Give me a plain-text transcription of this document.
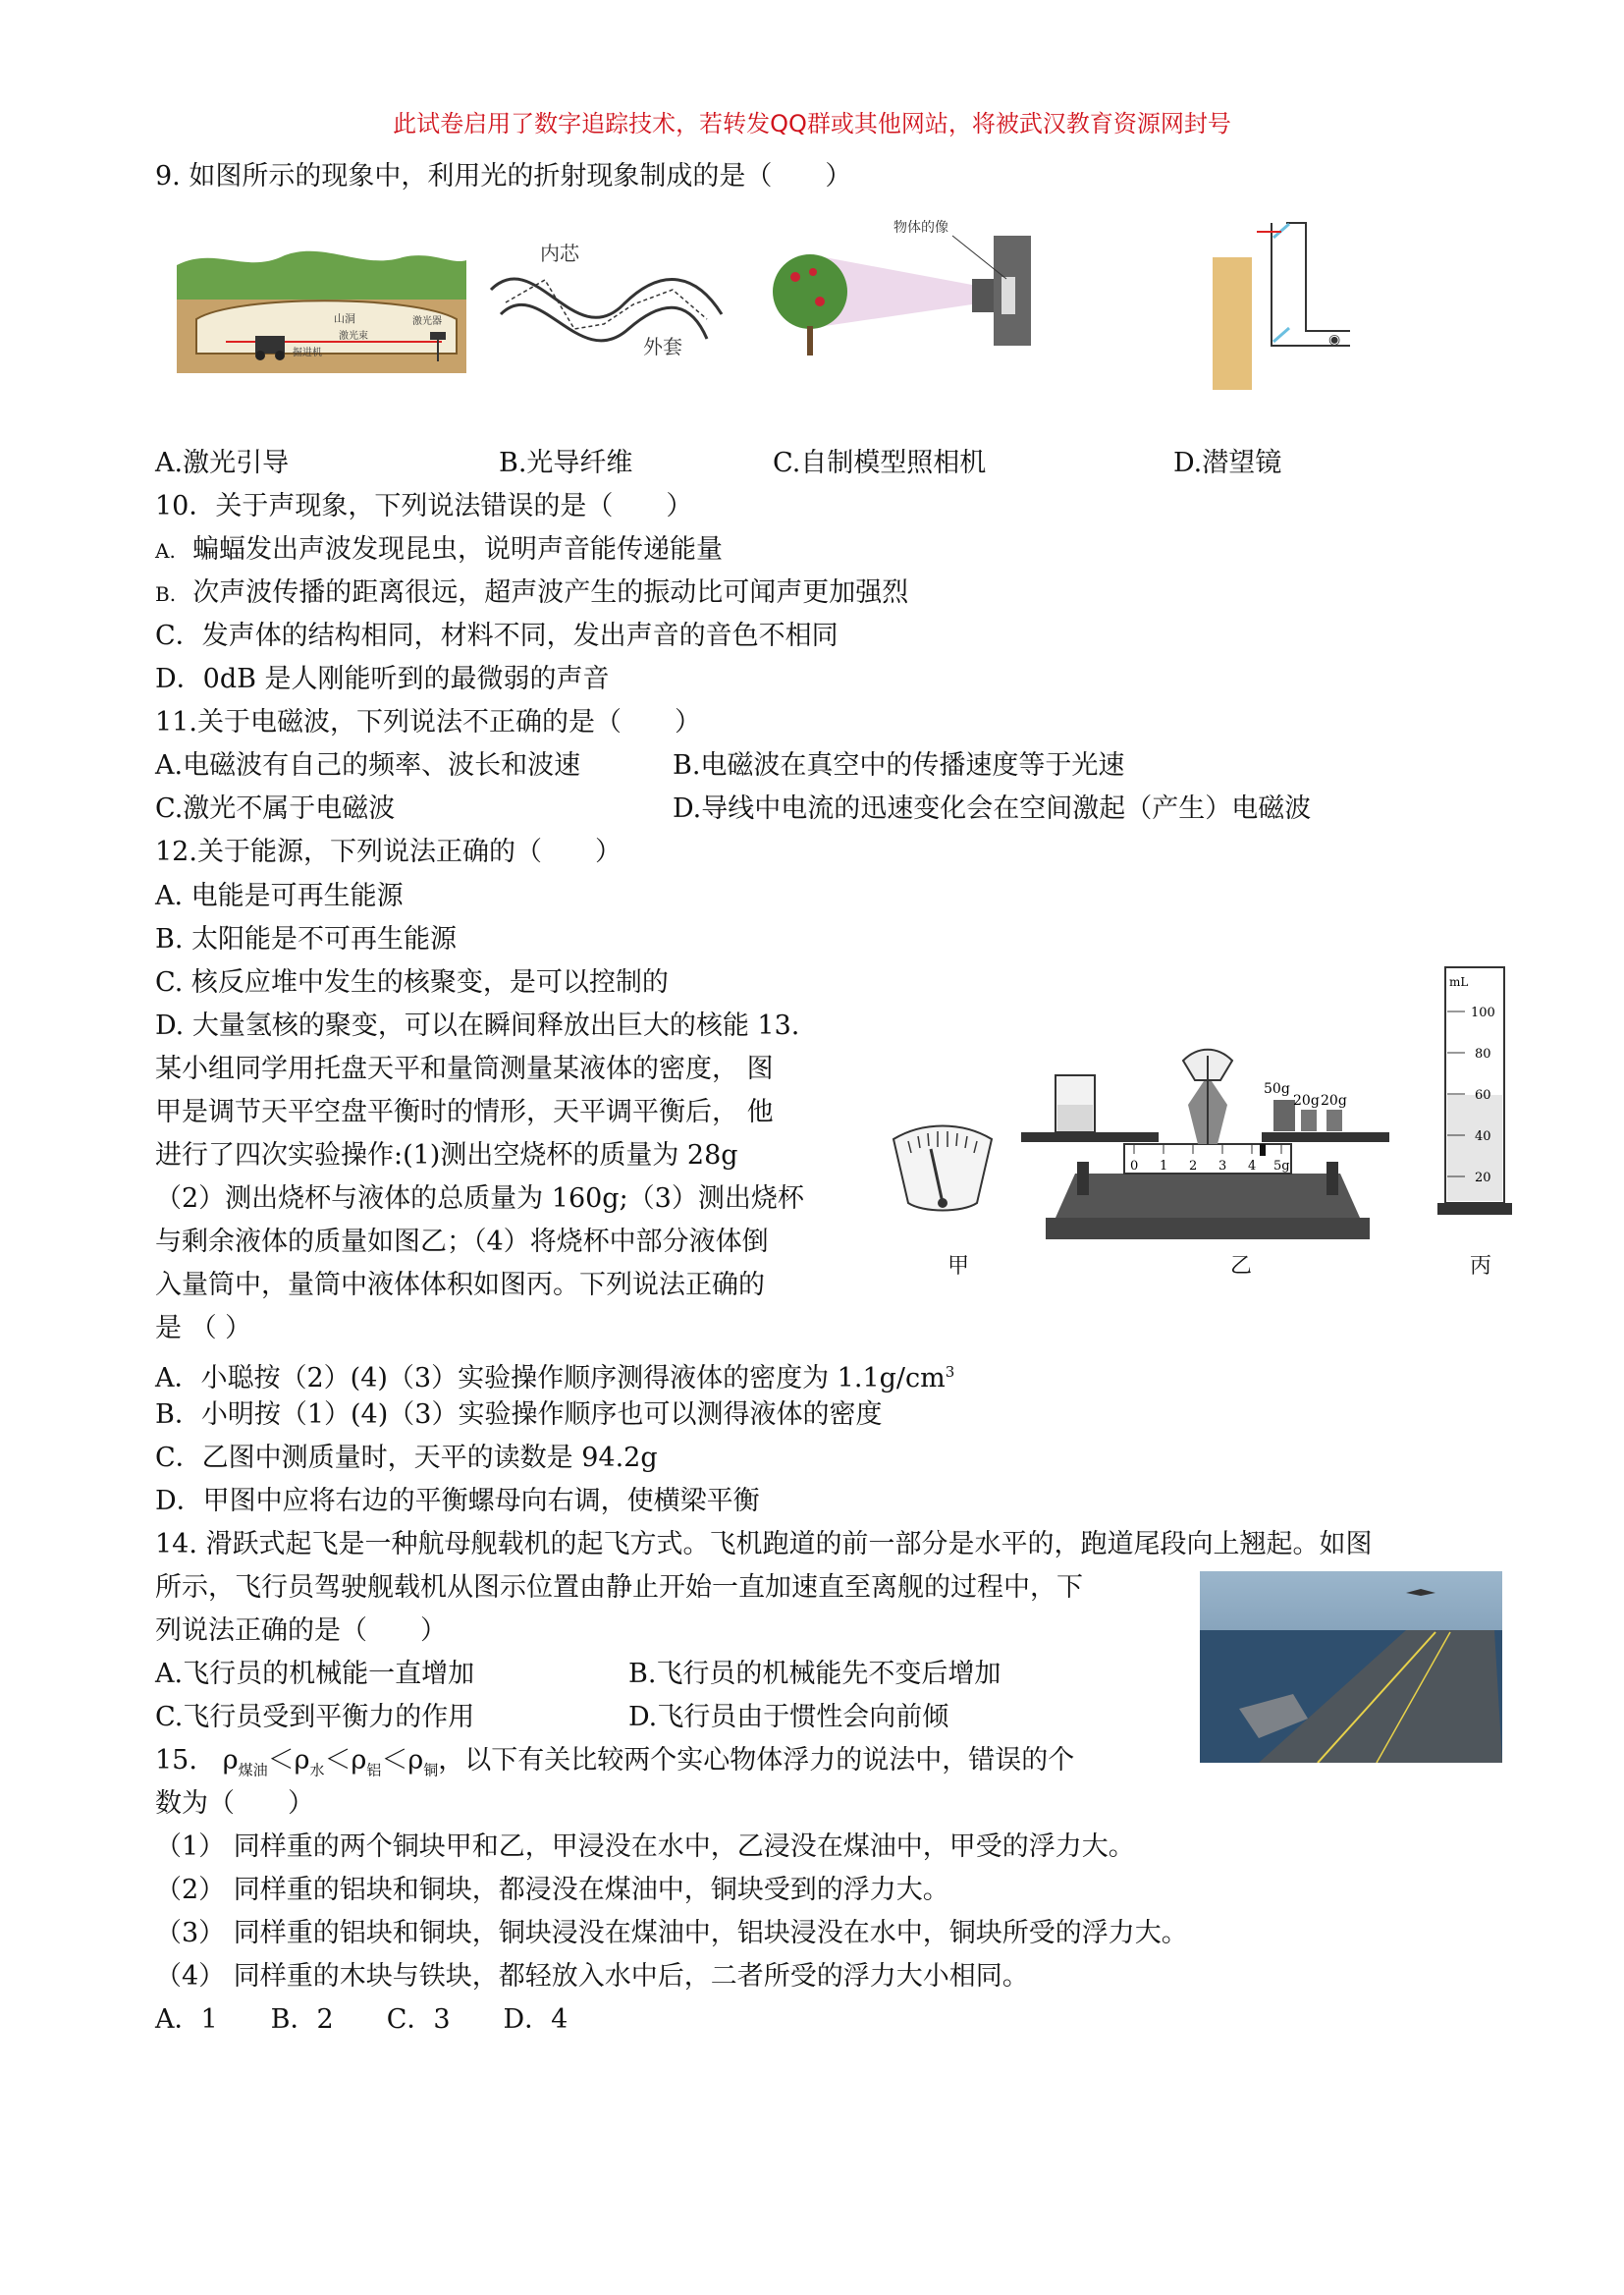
此试卷启用了数字追踪技术，若转发QQ群或其他网站，将被武汉教育资源网封号
9. 如图所示的现象中，利用光的折射现象制成的是（　　）
山洞	激光器
激光束
掘进机
内芯
外套
物体的像
◉
A.激光引导	B.光导纤维	C.自制模型照相机	D.潜望镜
10．关于声现象，下列说法错误的是（　　）
A. 蝙蝠发出声波发现昆虫，说明声音能传递能量
B. 次声波传播的距离很远，超声波产生的振动比可闻声更加强烈
C．发声体的结构相同，材料不同，发出声音的音色不相同
D．0dB 是人刚能听到的最微弱的声音
11.关于电磁波，下列说法不正确的是（　　）
A.电磁波有自己的频率、波长和波速	B.电磁波在真空中的传播速度等于光速
C.激光不属于电磁波	D.导线中电流的迅速变化会在空间激起（产生）电磁波
12.关于能源，下列说法正确的（　　）
A. 电能是可再生能源
B. 太阳能是不可再生能源
C. 核反应堆中发生的核聚变，是可以控制的
D. 大量氢核的聚变，可以在瞬间释放出巨大的核能 13.
某小组同学用托盘天平和量筒测量某液体的密度， 图
甲是调节天平空盘平衡时的情形，天平调平衡后， 他
进行了四次实验操作:(1)测出空烧杯的质量为 28g
（2）测出烧杯与液体的总质量为 160g;（3）测出烧杯
与剩余液体的质量如图乙；（4）将烧杯中部分液体倒
入量筒中，量筒中液体体积如图丙。下列说法正确的
是 （ ）
甲
0 1 2 3 4 5g
50g
20g 20g
乙
mL
100
80
60
40
20
丙
A．小聪按（2）(4)（3）实验操作顺序测得液体的密度为 $1.1g/cm^3$
B．小明按（1）(4)（3）实验操作顺序也可以测得液体的密度
C．乙图中测质量时，天平的读数是 94.2g
D．甲图中应将右边的平衡螺母向右调，使横梁平衡
14. 滑跃式起飞是一种航母舰载机的起飞方式。飞机跑道的前一部分是水平的，跑道尾段向上翘起。如图
所示，飞行员驾驶舰载机从图示位置由静止开始一直加速直至离舰的过程中，下
列说法正确的是（　　）
A.飞行员的机械能一直增加	B.飞行员的机械能先不变后增加
C.飞行员受到平衡力的作用	D.飞行员由于惯性会向前倾
15. $\rho_{煤油}<\rho_水<\rho_铝<\rho_铜$，以下有关比较两个实心物体浮力的说法中，错误的个
数为（　　）
（1） 同样重的两个铜块甲和乙，甲浸没在水中，乙浸没在煤油中，甲受的浮力大。
（2） 同样重的铝块和铜块，都浸没在煤油中，铜块受到的浮力大。
（3） 同样重的铝块和铜块，铜块浸没在煤油中，铝块浸没在水中，铜块所受的浮力大。
（4） 同样重的木块与铁块，都轻放入水中后，二者所受的浮力大小相同。
A．1　　B．2　　C．3　　D．4
